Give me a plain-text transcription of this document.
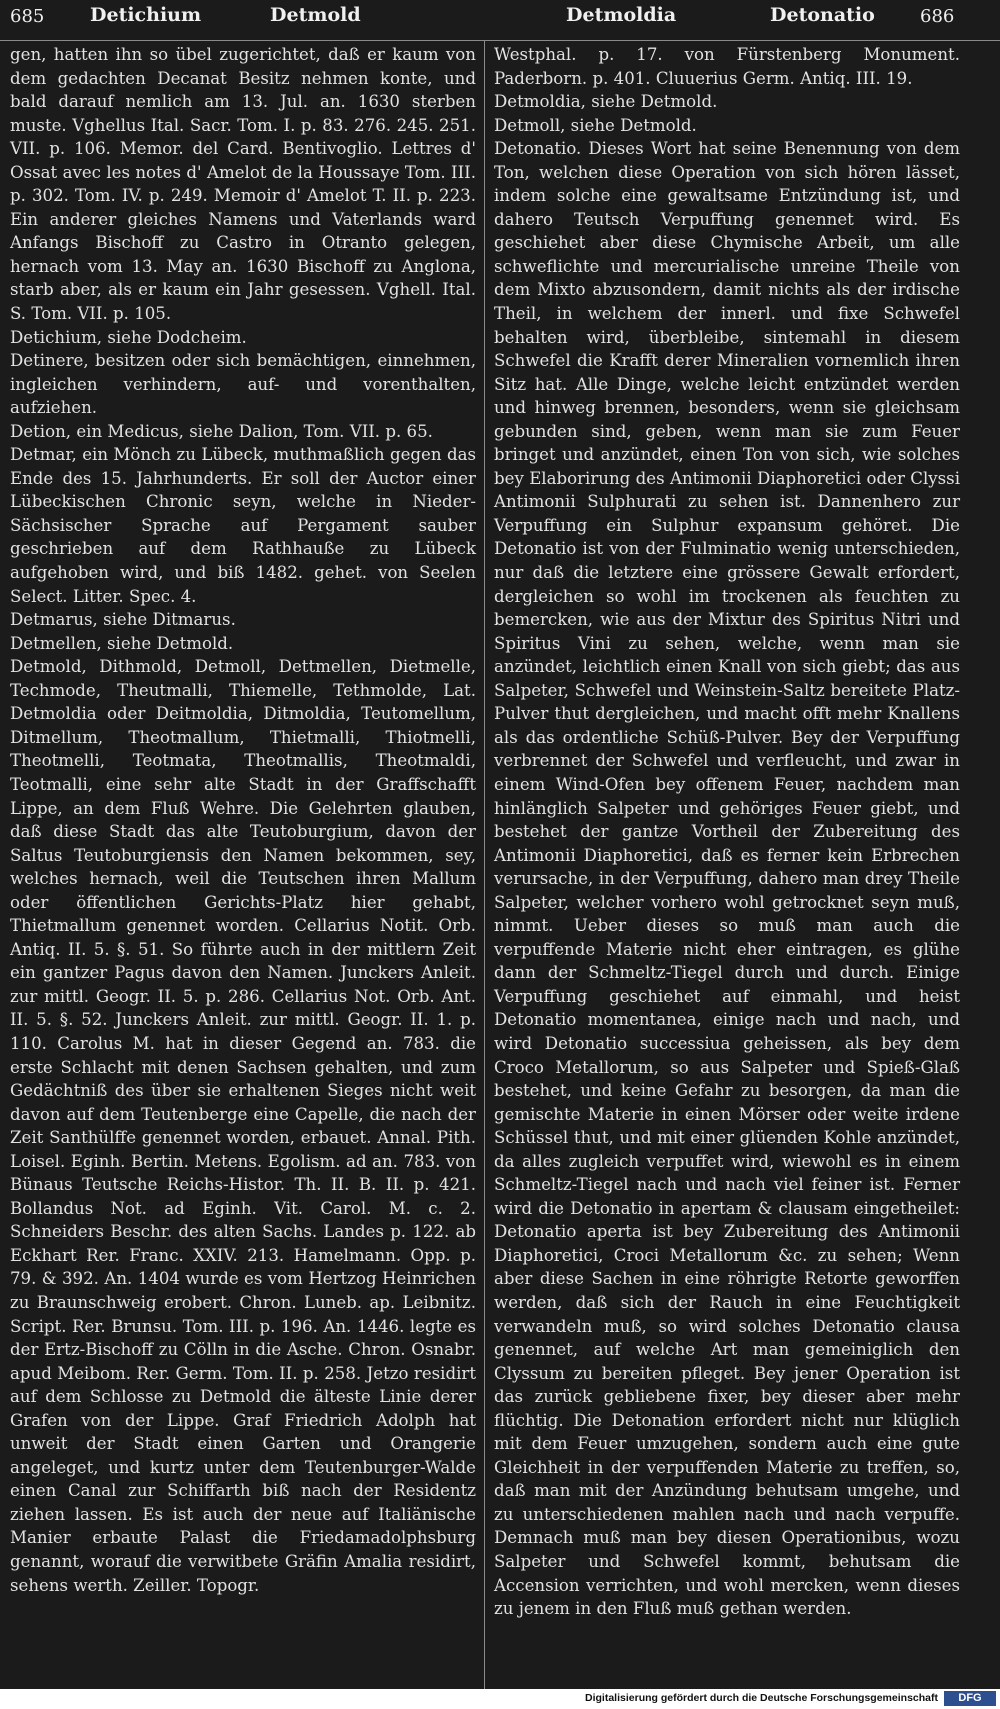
685 Detichium	Detmold	Detmoldia	Detonatio	686

gen, hatten ihn so übel zugerichtet, daß er kaum von dem gedachten Decanat Besitz nehmen konte, und bald darauf nemlich am 13. Jul. an. 1630 sterben muste. Vghellus Ital. Sacr. Tom. I. p. 83. 276. 245. 251. VII. p. 106. Memor. del Card. Bentivoglio. Lettres d' Ossat avec les notes d' Amelot de la Houssaye Tom. III. p. 302. Tom. IV. p. 249. Memoir d' Amelot T. II. p. 223. Ein anderer gleiches Namens und Vaterlands ward Anfangs Bischoff zu Castro in Otranto gelegen, hernach vom 13. May an. 1630 Bischoff zu Anglona, starb aber, als er kaum ein Jahr gesessen. Vghell. Ital. S. Tom. VII. p. 105.

Detichium, siehe Dodcheim.

Detinere, besitzen oder sich bemächtigen, einnehmen, ingleichen verhindern, auf- und vorenthalten, aufziehen.

Detion, ein Medicus, siehe Dalion, Tom. VII. p. 65.

Detmar, ein Mönch zu Lübeck, muthmaßlich gegen das Ende des 15. Jahrhunderts. Er soll der Auctor einer Lübeckischen Chronic seyn, welche in Nieder-Sächsischer Sprache auf Pergament sauber geschrieben auf dem Rathhauße zu Lübeck aufgehoben wird, und biß 1482. gehet. von Seelen Select. Litter. Spec. 4.

Detmarus, siehe Ditmarus.

Detmellen, siehe Detmold.

Detmold, Dithmold, Detmoll, Dettmellen, Dietmelle, Techmode, Theutmalli, Thiemelle, Tethmolde, Lat. Detmoldia oder Deitmoldia, Ditmoldia, Teutomellum, Ditmellum, Theotmallum, Thietmalli, Thiotmelli, Theotmelli, Teotmata, Theotmallis, Theotmaldi, Teotmalli, eine sehr alte Stadt in der Graffschafft Lippe, an dem Fluß Wehre. Die Gelehrten glauben, daß diese Stadt das alte Teutoburgium, davon der Saltus Teutoburgiensis den Namen bekommen, sey, welches hernach, weil die Teutschen ihren Mallum oder öffentlichen Gerichts-Platz hier gehabt, Thietmallum genennet worden. Cellarius Notit. Orb. Antiq. II. 5. §. 51. So führte auch in der mittlern Zeit ein gantzer Pagus davon den Namen. Junckers Anleit. zur mittl. Geogr. II. 5. p. 286. Cellarius Not. Orb. Ant. II. 5. §. 52. Junckers Anleit. zur mittl. Geogr. II. 1. p. 110. Carolus M. hat in dieser Gegend an. 783. die erste Schlacht mit denen Sachsen gehalten, und zum Gedächtniß des über sie erhaltenen Sieges nicht weit davon auf dem Teutenberge eine Capelle, die nach der Zeit Santhülffe genennet worden, erbauet. Annal. Pith. Loisel. Eginh. Bertin. Metens. Egolism. ad an. 783. von Bünaus Teutsche Reichs-Histor. Th. II. B. II. p. 421. Bollandus Not. ad Eginh. Vit. Carol. M. c. 2. Schneiders Beschr. des alten Sachs. Landes p. 122. ab Eckhart Rer. Franc. XXIV. 213. Hamelmann. Opp. p. 79. & 392. An. 1404 wurde es vom Hertzog Heinrichen zu Braunschweig erobert. Chron. Luneb. ap. Leibnitz. Script. Rer. Brunsu. Tom. III. p. 196. An. 1446. legte es der Ertz-Bischoff zu Cölln in die Asche. Chron. Osnabr. apud Meibom. Rer. Germ. Tom. II. p. 258. Jetzo residirt auf dem Schlosse zu Detmold die älteste Linie derer Grafen von der Lippe. Graf Friedrich Adolph hat unweit der Stadt einen Garten und Orangerie angeleget, und kurtz unter dem Teutenburger-Walde einen Canal zur Schiffarth biß nach der Residentz ziehen lassen. Es ist auch der neue auf Italiänische Manier erbaute Palast die Friedamadolphsburg genannt, worauf die verwitbete Gräfin Amalia residirt, sehens werth. Zeiller. Topogr.

Westphal. p. 17. von Fürstenberg Monument. Paderborn. p. 401. Cluuerius Germ. Antiq. III. 19.

Detmoldia, siehe Detmold.

Detmoll, siehe Detmold.

Detonatio. Dieses Wort hat seine Benennung von dem Ton, welchen diese Operation von sich hören lässet, indem solche eine gewaltsame Entzündung ist, und dahero Teutsch Verpuffung genennet wird. Es geschiehet aber diese Chymische Arbeit, um alle schweflichte und mercurialische unreine Theile von dem Mixto abzusondern, damit nichts als der irdische Theil, in welchem der innerl. und fixe Schwefel behalten wird, überbleibe, sintemahl in diesem Schwefel die Krafft derer Mineralien vornemlich ihren Sitz hat. Alle Dinge, welche leicht entzündet werden und hinweg brennen, besonders, wenn sie gleichsam gebunden sind, geben, wenn man sie zum Feuer bringet und anzündet, einen Ton von sich, wie solches bey Elaborirung des Antimonii Diaphoretici oder Clyssi Antimonii Sulphurati zu sehen ist. Dannenhero zur Verpuffung ein Sulphur expansum gehöret. Die Detonatio ist von der Fulminatio wenig unterschieden, nur daß die letztere eine grössere Gewalt erfordert, dergleichen so wohl im trockenen als feuchten zu bemercken, wie aus der Mixtur des Spiritus Nitri und Spiritus Vini zu sehen, welche, wenn man sie anzündet, leichtlich einen Knall von sich giebt; das aus Salpeter, Schwefel und Weinstein-Saltz bereitete Platz-Pulver thut dergleichen, und macht offt mehr Knallens als das ordentliche Schüß-Pulver. Bey der Verpuffung verbrennet der Schwefel und verfleucht, und zwar in einem Wind-Ofen bey offenem Feuer, nachdem man hinlänglich Salpeter und gehöriges Feuer giebt, und bestehet der gantze Vortheil der Zubereitung des Antimonii Diaphoretici, daß es ferner kein Erbrechen verursache, in der Verpuffung, dahero man drey Theile Salpeter, welcher vorhero wohl getrocknet seyn muß, nimmt. Ueber dieses so muß man auch die verpuffende Materie nicht eher eintragen, es glühe dann der Schmeltz-Tiegel durch und durch. Einige Verpuffung geschiehet auf einmahl, und heist Detonatio momentanea, einige nach und nach, und wird Detonatio successiua geheissen, als bey dem Croco Metallorum, so aus Salpeter und Spieß-Glaß bestehet, und keine Gefahr zu besorgen, da man die gemischte Materie in einen Mörser oder weite irdene Schüssel thut, und mit einer glüenden Kohle anzündet, da alles zugleich verpuffet wird, wiewohl es in einem Schmeltz-Tiegel nach und nach viel feiner ist. Ferner wird die Detonatio in apertam & clausam eingetheilet: Detonatio aperta ist bey Zubereitung des Antimonii Diaphoretici, Croci Metallorum &c. zu sehen; Wenn aber diese Sachen in eine röhrigte Retorte geworffen werden, daß sich der Rauch in eine Feuchtigkeit verwandeln muß, so wird solches Detonatio clausa genennet, auf welche Art man gemeiniglich den Clyssum zu bereiten pfleget. Bey jener Operation ist das zurück gebliebene fixer, bey dieser aber mehr flüchtig. Die Detonation erfordert nicht nur klüglich mit dem Feuer umzugehen, sondern auch eine gute Gleichheit in der verpuffenden Materie zu treffen, so, daß man mit der Anzündung behutsam umgehe, und zu unterschiedenen mahlen nach und nach verpuffe. Demnach muß man bey diesen Operationibus, wozu Salpeter und Schwefel kommt, behutsam die Accension verrichten, und wohl mercken, wenn dieses zu jenem in den Fluß muß gethan werden.

Digitalisierung gefördert durch die Deutsche Forschungsgemeinschaft	DFG
